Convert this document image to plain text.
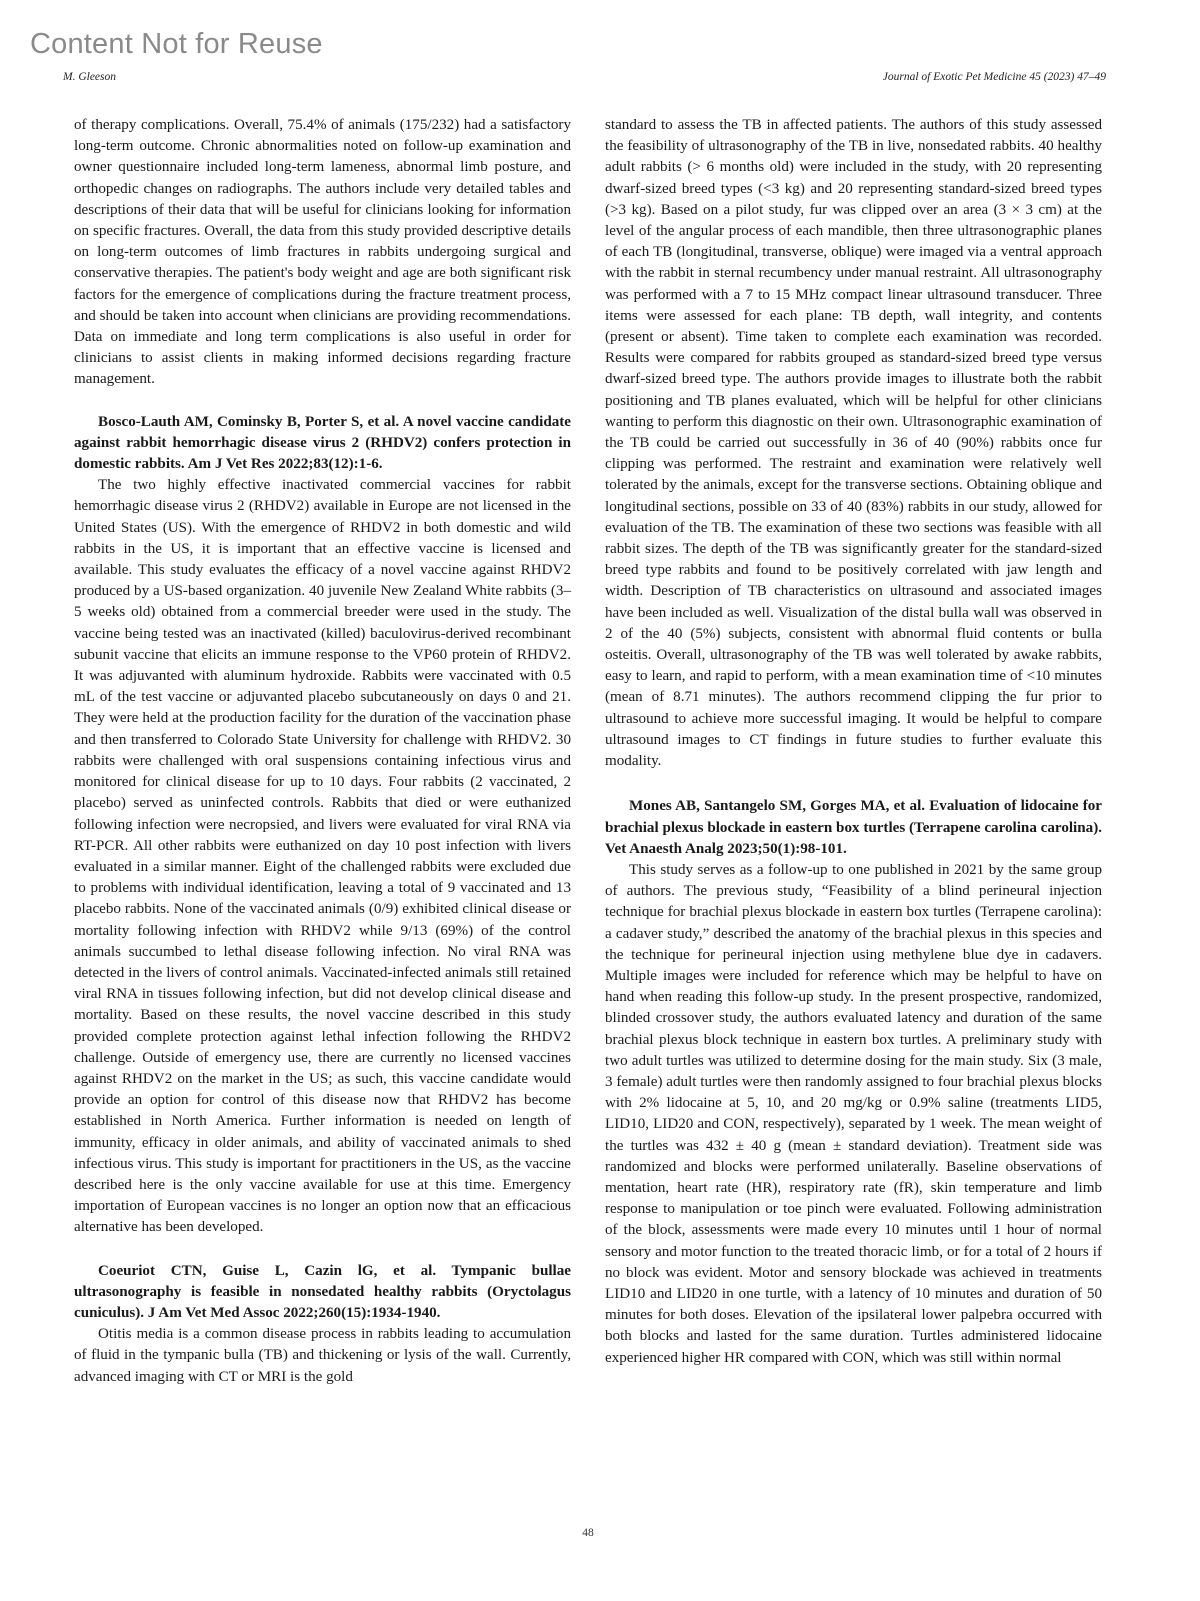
Content Not for Reuse
M. Gleeson	Journal of Exotic Pet Medicine 45 (2023) 47–49

of therapy complications. Overall, 75.4% of animals (175/232) had a satisfactory long-term outcome. Chronic abnormalities noted on follow-up examination and owner questionnaire included long-term lameness, abnormal limb posture, and orthopedic changes on radiographs. The authors include very detailed tables and descriptions of their data that will be useful for clinicians looking for information on specific fractures. Overall, the data from this study provided descriptive details on long-term outcomes of limb fractures in rabbits undergoing surgical and conservative therapies. The patient's body weight and age are both significant risk factors for the emergence of complications during the fracture treatment process, and should be taken into account when clinicians are providing recommendations. Data on immediate and long term complications is also useful in order for clinicians to assist clients in making informed decisions regarding fracture management.

Bosco-Lauth AM, Cominsky B, Porter S, et al. A novel vaccine candidate against rabbit hemorrhagic disease virus 2 (RHDV2) confers protection in domestic rabbits. Am J Vet Res 2022;83(12):1-6.

The two highly effective inactivated commercial vaccines for rabbit hemorrhagic disease virus 2 (RHDV2) available in Europe are not licensed in the United States (US). With the emergence of RHDV2 in both domestic and wild rabbits in the US, it is important that an effective vaccine is licensed and available. This study evaluates the efficacy of a novel vaccine against RHDV2 produced by a US-based organization. 40 juvenile New Zealand White rabbits (3–5 weeks old) obtained from a commercial breeder were used in the study. The vaccine being tested was an inactivated (killed) baculovirus-derived recombinant subunit vaccine that elicits an immune response to the VP60 protein of RHDV2. It was adjuvanted with aluminum hydroxide. Rabbits were vaccinated with 0.5 mL of the test vaccine or adjuvanted placebo subcutaneously on days 0 and 21. They were held at the production facility for the duration of the vaccination phase and then transferred to Colorado State University for challenge with RHDV2. 30 rabbits were challenged with oral suspensions containing infectious virus and monitored for clinical disease for up to 10 days. Four rabbits (2 vaccinated, 2 placebo) served as uninfected controls. Rabbits that died or were euthanized following infection were necropsied, and livers were evaluated for viral RNA via RT-PCR. All other rabbits were euthanized on day 10 post infection with livers evaluated in a similar manner. Eight of the challenged rabbits were excluded due to problems with individual identification, leaving a total of 9 vaccinated and 13 placebo rabbits. None of the vaccinated animals (0/9) exhibited clinical disease or mortality following infection with RHDV2 while 9/13 (69%) of the control animals succumbed to lethal disease following infection. No viral RNA was detected in the livers of control animals. Vaccinated-infected animals still retained viral RNA in tissues following infection, but did not develop clinical disease and mortality. Based on these results, the novel vaccine described in this study provided complete protection against lethal infection following the RHDV2 challenge. Outside of emergency use, there are currently no licensed vaccines against RHDV2 on the market in the US; as such, this vaccine candidate would provide an option for control of this disease now that RHDV2 has become established in North America. Further information is needed on length of immunity, efficacy in older animals, and ability of vaccinated animals to shed infectious virus. This study is important for practitioners in the US, as the vaccine described here is the only vaccine available for use at this time. Emergency importation of European vaccines is no longer an option now that an efficacious alternative has been developed.

Coeuriot CTN, Guise L, Cazin lG, et al. Tympanic bullae ultrasonography is feasible in nonsedated healthy rabbits (Oryctolagus cuniculus). J Am Vet Med Assoc 2022;260(15):1934-1940.

Otitis media is a common disease process in rabbits leading to accumulation of fluid in the tympanic bulla (TB) and thickening or lysis of the wall. Currently, advanced imaging with CT or MRI is the gold

standard to assess the TB in affected patients. The authors of this study assessed the feasibility of ultrasonography of the TB in live, nonsedated rabbits. 40 healthy adult rabbits (> 6 months old) were included in the study, with 20 representing dwarf-sized breed types (<3 kg) and 20 representing standard-sized breed types (>3 kg). Based on a pilot study, fur was clipped over an area (3 × 3 cm) at the level of the angular process of each mandible, then three ultrasonographic planes of each TB (longitudinal, transverse, oblique) were imaged via a ventral approach with the rabbit in sternal recumbency under manual restraint. All ultrasonography was performed with a 7 to 15 MHz compact linear ultrasound transducer. Three items were assessed for each plane: TB depth, wall integrity, and contents (present or absent). Time taken to complete each examination was recorded. Results were compared for rabbits grouped as standard-sized breed type versus dwarf-sized breed type. The authors provide images to illustrate both the rabbit positioning and TB planes evaluated, which will be helpful for other clinicians wanting to perform this diagnostic on their own. Ultrasonographic examination of the TB could be carried out successfully in 36 of 40 (90%) rabbits once fur clipping was performed. The restraint and examination were relatively well tolerated by the animals, except for the transverse sections. Obtaining oblique and longitudinal sections, possible on 33 of 40 (83%) rabbits in our study, allowed for evaluation of the TB. The examination of these two sections was feasible with all rabbit sizes. The depth of the TB was significantly greater for the standard-sized breed type rabbits and found to be positively correlated with jaw length and width. Description of TB characteristics on ultrasound and associated images have been included as well. Visualization of the distal bulla wall was observed in 2 of the 40 (5%) subjects, consistent with abnormal fluid contents or bulla osteitis. Overall, ultrasonography of the TB was well tolerated by awake rabbits, easy to learn, and rapid to perform, with a mean examination time of <10 minutes (mean of 8.71 minutes). The authors recommend clipping the fur prior to ultrasound to achieve more successful imaging. It would be helpful to compare ultrasound images to CT findings in future studies to further evaluate this modality.

Mones AB, Santangelo SM, Gorges MA, et al. Evaluation of lidocaine for brachial plexus blockade in eastern box turtles (Terrapene carolina carolina). Vet Anaesth Analg 2023;50(1):98-101.

This study serves as a follow-up to one published in 2021 by the same group of authors. The previous study, “Feasibility of a blind perineural injection technique for brachial plexus blockade in eastern box turtles (Terrapene carolina): a cadaver study,” described the anatomy of the brachial plexus in this species and the technique for perineural injection using methylene blue dye in cadavers. Multiple images were included for reference which may be helpful to have on hand when reading this follow-up study. In the present prospective, randomized, blinded crossover study, the authors evaluated latency and duration of the same brachial plexus block technique in eastern box turtles. A preliminary study with two adult turtles was utilized to determine dosing for the main study. Six (3 male, 3 female) adult turtles were then randomly assigned to four brachial plexus blocks with 2% lidocaine at 5, 10, and 20 mg/kg or 0.9% saline (treatments LID5, LID10, LID20 and CON, respectively), separated by 1 week. The mean weight of the turtles was 432 ± 40 g (mean ± standard deviation). Treatment side was randomized and blocks were performed unilaterally. Baseline observations of mentation, heart rate (HR), respiratory rate (fR), skin temperature and limb response to manipulation or toe pinch were evaluated. Following administration of the block, assessments were made every 10 minutes until 1 hour of normal sensory and motor function to the treated thoracic limb, or for a total of 2 hours if no block was evident. Motor and sensory blockade was achieved in treatments LID10 and LID20 in one turtle, with a latency of 10 minutes and duration of 50 minutes for both doses. Elevation of the ipsilateral lower palpebra occurred with both blocks and lasted for the same duration. Turtles administered lidocaine experienced higher HR compared with CON, which was still within normal

48
